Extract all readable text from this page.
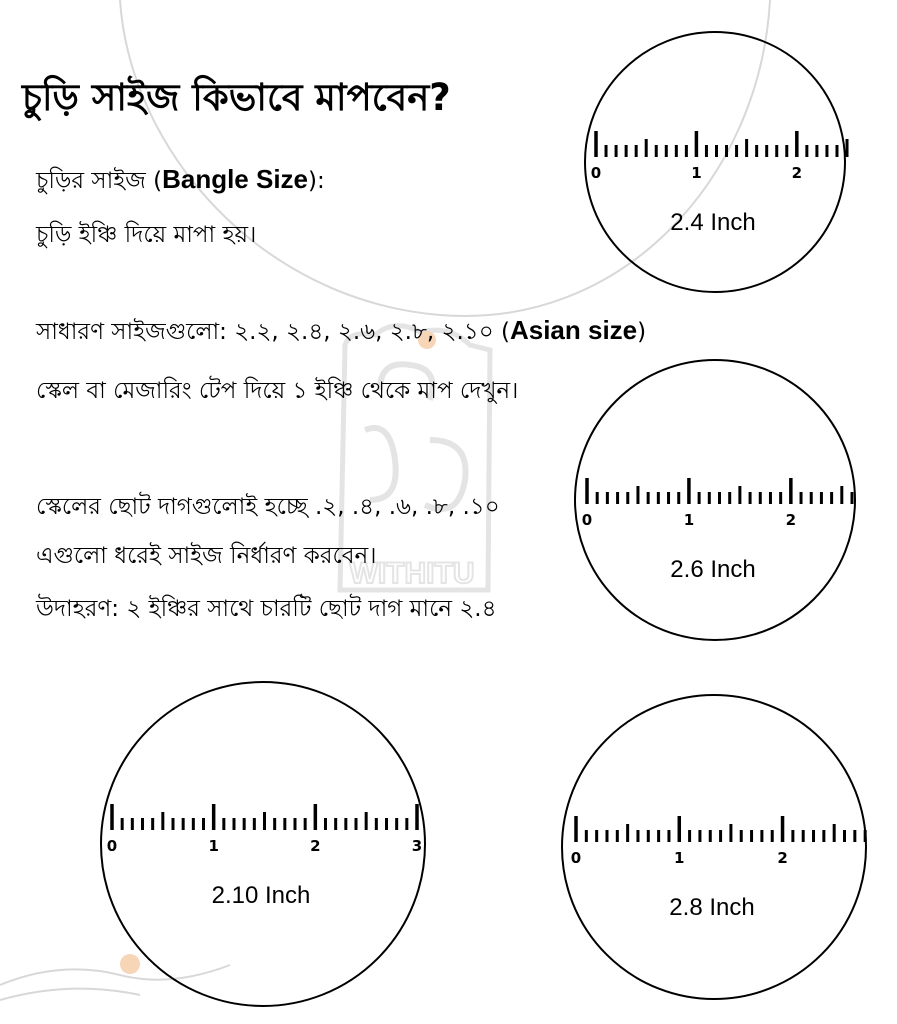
WITHITU
চুড়ি সাইজ কিভাবে মাপবেন?
চুড়ির সাইজ (Bangle Size):
চুড়ি ইঞ্চি দিয়ে মাপা হয়।
সাধারণ সাইজগুলো: ২.২, ২.৪, ২.৬, ২.৮, ২.১০ (Asian size)
স্কেল বা মেজারিং টেপ দিয়ে ১ ইঞ্চি থেকে মাপ দেখুন।
স্কেলের ছোট দাগগুলোই হচ্ছে .২, .৪, .৬, .৮, .১০
এগুলো ধরেই সাইজ নির্ধারণ করবেন।
উদাহরণ: ২ ইঞ্চির সাথে চারটি ছোট দাগ মানে ২.৪
0	1	2
2.4 Inch
0	1	2
2.6 Inch
0	1	2	3
2.10 Inch
0	1	2
2.8 Inch
